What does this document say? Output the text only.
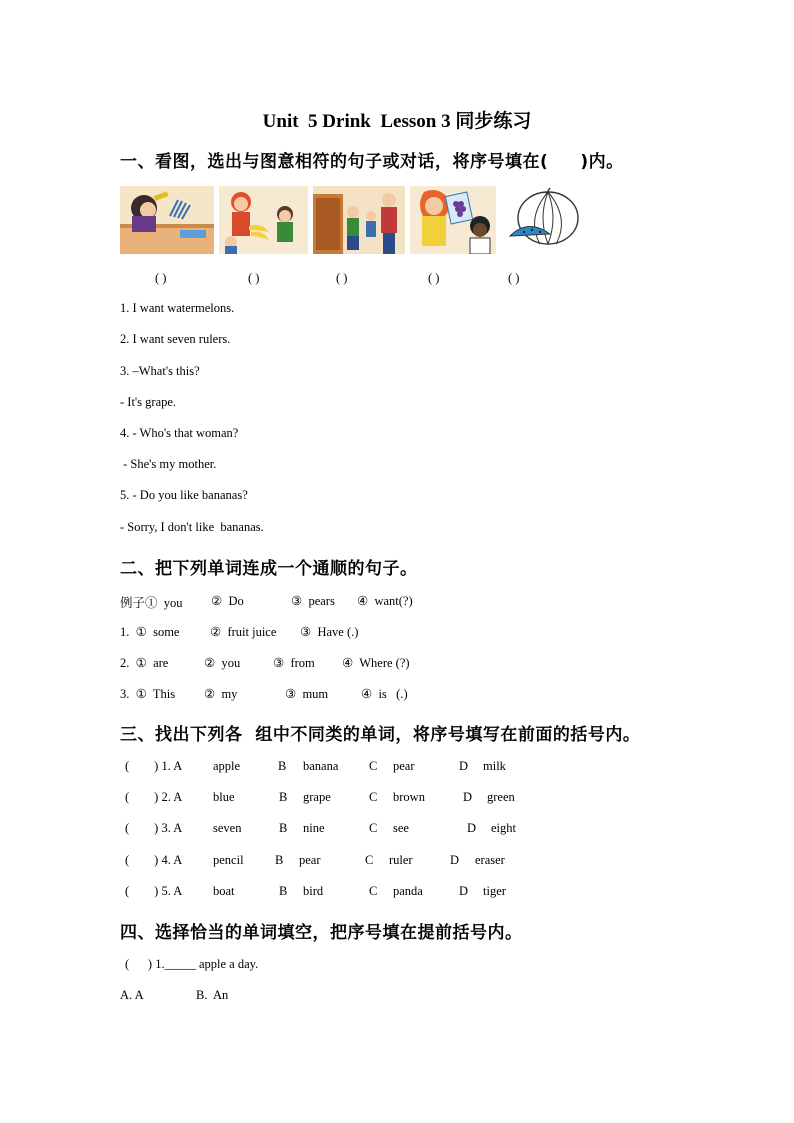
Unit  5 Drink  Lesson 3 同步练习
一、看图，选出与图意相符的句子或对话，将序号填在(     )内。
( )	( )	( )	( )	( )
1. I want watermelons.
2. I want seven rulers.
3. –What's this?
- It's grape.
4. - Who's that woman?
- She's my mother.
5. - Do you like bananas?
- Sorry, I don't like  bananas.
二、把下列单词连成一个通顺的句子。
例子①  you ②  Do	③  pears ④  want(?)
1.  ①  some ②  fruit juice ③  Have (.)
2.  ①  are	②  you	③  from ④  Where (?)
3.  ①  This ②  my	③  mum	④  is   (.)
三、找出下列各  组中不同类的单词，将序号填写在前面的括号内。
(        ) 1. A apple	B banana C pear	D milk
(        ) 2. A blue	B grape	C brown	D green
(        ) 3. A seven	B nine	C see	D eight
(        ) 4. A pencil	B pear	C ruler	D eraser
(        ) 5. A boat	B bird	C panda	D tiger
四、选择恰当的单词填空，把序号填在提前括号内。
(      ) 1._____ apple a day.
A. A	B.  An
